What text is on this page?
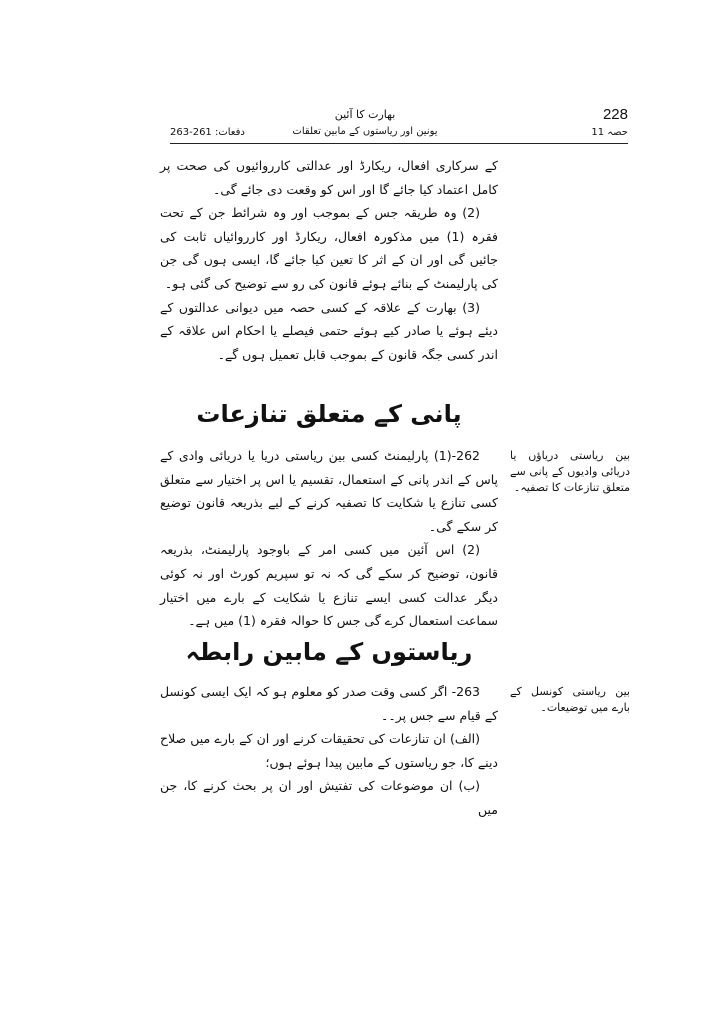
228
بھارت کا آئین
یونین اور ریاستوں کے مابین تعلقات	حصہ 11
دفعات: 261-263

کے سرکاری افعال، ریکارڈ اور عدالتی کارروائیوں کی صحت پر کامل اعتماد کیا جائے گا اور اس کو وقعت دی جائے گی۔

(2) وہ طریقہ جس کے بموجب اور وہ شرائط جن کے تحت فقرہ (1) میں مذکورہ افعال، ریکارڈ اور کارروائیاں ثابت کی جائیں گی اور ان کے اثر کا تعین کیا جائے گا، ایسی ہوں گی جن کی پارلیمنٹ کے بنائے ہوئے قانون کی رو سے توضیح کی گئی ہو۔

(3) بھارت کے علاقہ کے کسی حصہ میں دیوانی عدالتوں کے دیئے ہوئے یا صادر کیے ہوئے حتمی فیصلے یا احکام اس علاقہ کے اندر کسی جگہ قانون کے بموجب قابل تعمیل ہوں گے۔

پانی کے متعلق تنازعات

262-(1) پارلیمنٹ کسی بین ریاستی دریا یا دریائی وادی کے پاس کے اندر پانی کے استعمال، تقسیم یا اس پر اختیار سے متعلق کسی تنازع یا شکایت کا تصفیہ کرنے کے لیے بذریعہ قانون توضیع کر سکے گی۔

(2) اس آئین میں کسی امر کے باوجود پارلیمنٹ، بذریعہ قانون، توضیح کر سکے گی کہ نہ تو سپریم کورٹ اور نہ کوئی دیگر عدالت کسی ایسے تنازع یا شکایت کے بارے میں اختیار سماعت استعمال کرے گی جس کا حوالہ فقرہ (1) میں ہے۔

بین ریاستی دریاؤں یا دریائی وادیوں کے پانی سے متعلق تنازعات کا تصفیہ۔
ریاستوں کے مابین رابطہ

263- اگر کسی وقت صدر کو معلوم ہو کہ ایک ایسی کونسل کے قیام سے جس پر۔۔

(الف) ان تنازعات کی تحقیقات کرنے اور ان کے بارے میں صلاح دینے کا، جو ریاستوں کے مابین پیدا ہوئے ہوں؛

(ب) ان موضوعات کی تفتیش اور ان پر بحث کرنے کا، جن میں

بین ریاستی کونسل کے بارے میں توضیعات۔
